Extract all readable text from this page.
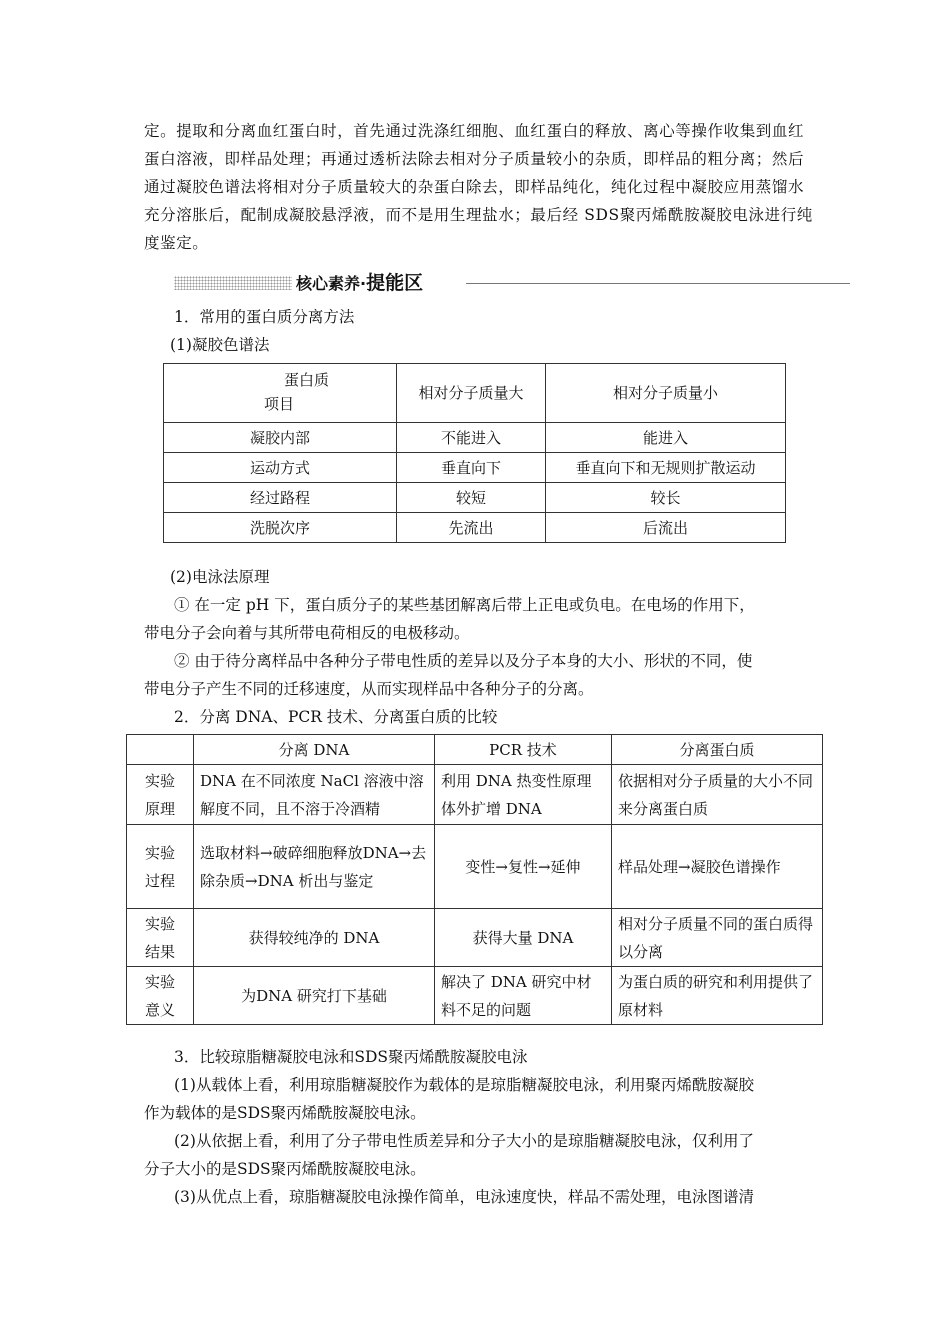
定。提取和分离血红蛋白时，首先通过洗涤红细胞、血红蛋白的释放、离心等操作收集到血红蛋白溶液，即样品处理；再通过透析法除去相对分子质量较小的杂质，即样品的粗分离；然后通过凝胶色谱法将相对分子质量较大的杂蛋白除去，即样品纯化，纯化过程中凝胶应用蒸馏水充分溶胀后，配制成凝胶悬浮液，而不是用生理盐水；最后经 SDS聚丙烯酰胺凝胶电泳进行纯度鉴定。

核心素养·提能区

1．常用的蛋白质分离方法

(1)凝胶色谱法

蛋白质
项目	相对分子质量大	相对分子质量小
凝胶内部	不能进入	能进入
运动方式	垂直向下	垂直向下和无规则扩散运动
经过路程	较短	较长
洗脱次序	先流出	后流出

(2)电泳法原理

① 在一定 pH 下，蛋白质分子的某些基团解离后带上正电或负电。在电场的作用下，

带电分子会向着与其所带电荷相反的电极移动。

② 由于待分离样品中各种分子带电性质的差异以及分子本身的大小、形状的不同，使

带电分子产生不同的迁移速度，从而实现样品中各种分子的分离。

2．分离 DNA、PCR 技术、分离蛋白质的比较

	分离 DNA	PCR 技术	分离蛋白质
实验
原理	DNA 在不同浓度 NaCl 溶液中溶解度不同，且不溶于冷酒精	利用 DNA 热变性原理体外扩增 DNA	依据相对分子质量的大小不同来分离蛋白质
实验
过程	选取材料→破碎细胞释放DNA→去除杂质→DNA 析出与鉴定	变性→复性→延伸	样品处理→凝胶色谱操作
实验
结果	获得较纯净的 DNA	获得大量 DNA	相对分子质量不同的蛋白质得以分离
实验
意义	为DNA 研究打下基础	解决了 DNA 研究中材料不足的问题	为蛋白质的研究和利用提供了原材料

3．比较琼脂糖凝胶电泳和SDS聚丙烯酰胺凝胶电泳

(1)从载体上看，利用琼脂糖凝胶作为载体的是琼脂糖凝胶电泳，利用聚丙烯酰胺凝胶

作为载体的是SDS聚丙烯酰胺凝胶电泳。

(2)从依据上看，利用了分子带电性质差异和分子大小的是琼脂糖凝胶电泳，仅利用了

分子大小的是SDS聚丙烯酰胺凝胶电泳。

(3)从优点上看，琼脂糖凝胶电泳操作简单，电泳速度快，样品不需处理，电泳图谱清
